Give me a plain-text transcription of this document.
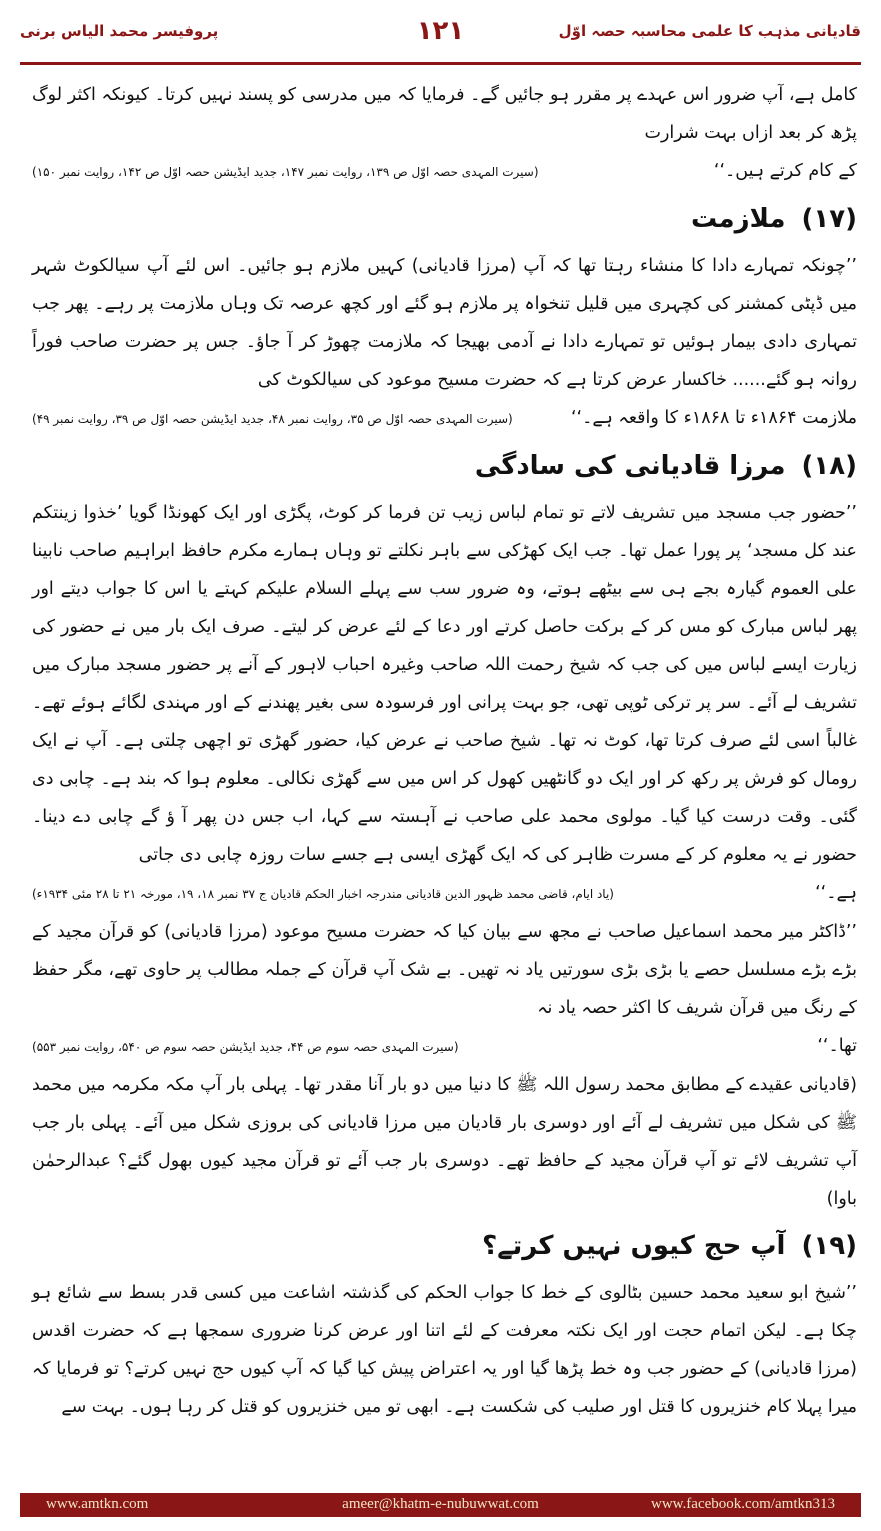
قادیانی مذہب کا علمی محاسبہ حصہ اوّل
۱۲۱
پروفیسر محمد الیاس برنی

کامل ہے، آپ ضرور اس عہدے پر مقرر ہو جائیں گے۔ فرمایا کہ میں مدرسی کو پسند نہیں کرتا۔ کیونکہ اکثر لوگ پڑھ کر بعد ازاں بہت شرارت

کے کام کرتے ہیں۔‘‘
(سیرت المہدی حصہ اوّل ص ۱۳۹، روایت نمبر ۱۴۷، جدید ایڈیشن حصہ اوّل ص ۱۴۲، روایت نمبر ۱۵۰)
(۱۷)ملازمت

’’چونکہ تمہارے دادا کا منشاء رہتا تھا کہ آپ (مرزا قادیانی) کہیں ملازم ہو جائیں۔ اس لئے آپ سیالکوٹ شہر میں ڈپٹی کمشنر کی کچہری میں قلیل تنخواہ پر ملازم ہو گئے اور کچھ عرصہ تک وہاں ملازمت پر رہے۔ پھر جب تمہاری دادی بیمار ہوئیں تو تمہارے دادا نے آدمی بھیجا کہ ملازمت چھوڑ کر آ جاؤ۔ جس پر حضرت صاحب فوراً روانہ ہو گئے...... خاکسار عرض کرتا ہے کہ حضرت مسیح موعود کی سیالکوٹ کی

ملازمت ۱۸۶۴ء تا ۱۸۶۸ء کا واقعہ ہے۔‘‘
(سیرت المہدی حصہ اوّل ص ۳۵، روایت نمبر ۴۸، جدید ایڈیشن حصہ اوّل ص ۳۹، روایت نمبر ۴۹)
(۱۸)مرزا قادیانی کی سادگی

’’حضور جب مسجد میں تشریف لاتے تو تمام لباس زیب تن فرما کر کوٹ، پگڑی اور ایک کھونڈا گویا ’خذوا زینتکم عند کل مسجد‘ پر پورا عمل تھا۔ جب ایک کھڑکی سے باہر نکلتے تو وہاں ہمارے مکرم حافظ ابراہیم صاحب نابینا علی العموم گیارہ بجے ہی سے بیٹھے ہوتے، وہ ضرور سب سے پہلے السلام علیکم کہتے یا اس کا جواب دیتے اور پھر لباس مبارک کو مس کر کے برکت حاصل کرتے اور دعا کے لئے عرض کر لیتے۔ صرف ایک بار میں نے حضور کی زیارت ایسے لباس میں کی جب کہ شیخ رحمت اللہ صاحب وغیرہ احباب لاہور کے آنے پر حضور مسجد مبارک میں تشریف لے آئے۔ سر پر ترکی ٹوپی تھی، جو بہت پرانی اور فرسودہ سی بغیر پھندنے کے اور مہندی لگائے ہوئے تھے۔ غالباً اسی لئے صرف کرتا تھا، کوٹ نہ تھا۔ شیخ صاحب نے عرض کیا، حضور گھڑی تو اچھی چلتی ہے۔ آپ نے ایک رومال کو فرش پر رکھ کر اور ایک دو گانٹھیں کھول کر اس میں سے گھڑی نکالی۔ معلوم ہوا کہ بند ہے۔ چابی دی گئی۔ وقت درست کیا گیا۔ مولوی محمد علی صاحب نے آہستہ سے کہا، اب جس دن پھر آ ؤ گے چابی دے دینا۔ حضور نے یہ معلوم کر کے مسرت ظاہر کی کہ ایک گھڑی ایسی ہے جسے سات روزہ چابی دی جاتی

ہے۔‘‘
(یاد ایام، قاضی محمد ظہور الدین قادیانی مندرجہ اخبار الحکم قادیان ج ۳۷ نمبر ۱۸، ۱۹، مورخہ ۲۱ تا ۲۸ مئی ۱۹۳۴ء)

’’ڈاکٹر میر محمد اسماعیل صاحب نے مجھ سے بیان کیا کہ حضرت مسیح موعود (مرزا قادیانی) کو قرآن مجید کے بڑے بڑے مسلسل حصے یا بڑی بڑی سورتیں یاد نہ تھیں۔ بے شک آپ قرآن کے جملہ مطالب پر حاوی تھے، مگر حفظ کے رنگ میں قرآن شریف کا اکثر حصہ یاد نہ

تھا۔‘‘
(سیرت المہدی حصہ سوم ص ۴۴، جدید ایڈیشن حصہ سوم ص ۵۴۰، روایت نمبر ۵۵۳)

(قادیانی عقیدے کے مطابق محمد رسول اللہ ﷺ کا دنیا میں دو بار آنا مقدر تھا۔ پہلی بار آپ مکہ مکرمہ میں محمد ﷺ کی شکل میں تشریف لے آئے اور دوسری بار قادیان میں مرزا قادیانی کی بروزی شکل میں آئے۔ پہلی بار جب آپ تشریف لائے تو آپ قرآن مجید کے حافظ تھے۔ دوسری بار جب آئے تو قرآن مجید کیوں بھول گئے؟ عبدالرحمٰن باوا)

(۱۹)آپ حج کیوں نہیں کرتے؟

’’شیخ ابو سعید محمد حسین بٹالوی کے خط کا جواب الحکم کی گذشتہ اشاعت میں کسی قدر بسط سے شائع ہو چکا ہے۔ لیکن اتمام حجت اور ایک نکتہ معرفت کے لئے اتنا اور عرض کرنا ضروری سمجھا ہے کہ حضرت اقدس (مرزا قادیانی) کے حضور جب وہ خط پڑھا گیا اور یہ اعتراض پیش کیا گیا کہ آپ کیوں حج نہیں کرتے؟ تو فرمایا کہ میرا پہلا کام خنزیروں کا قتل اور صلیب کی شکست ہے۔ ابھی تو میں خنزیروں کو قتل کر رہا ہوں۔ بہت سے

www.amtkn.com	ameer@khatm-e-nubuwwat.com	www.facebook.com/amtkn313
